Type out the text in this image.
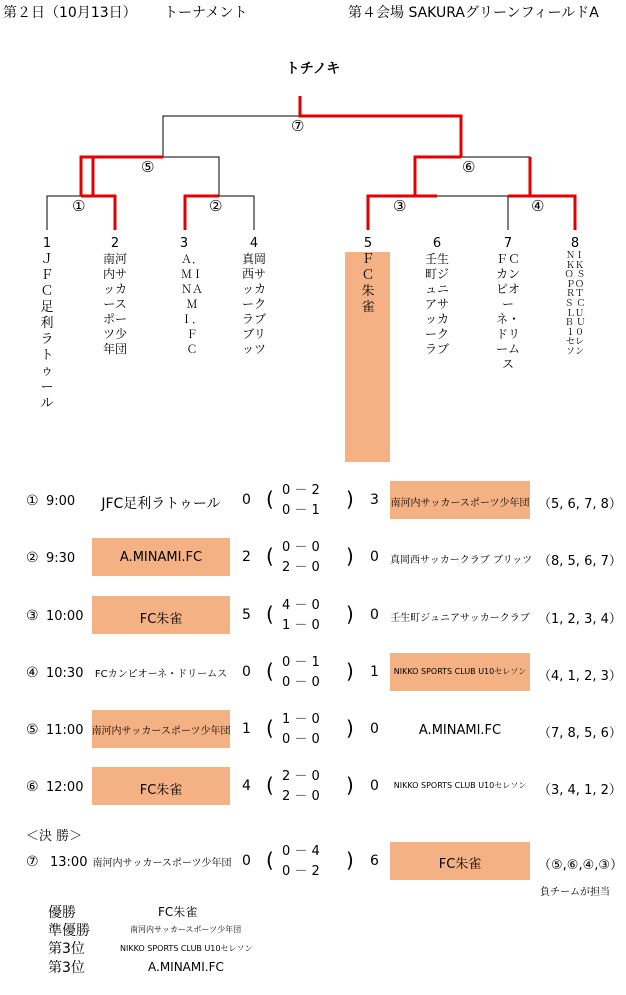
第２日（10月13日） トーナメント	第４会場 SAKURAグリーンフィールドA
トチノキ
⑦
⑤	⑥
①	②	③	④
1
ＪＦＣ足利ラトゥール
2
南河内サッカースポーツ少年団
3
Ａ．ＭＩＮＡＭＩ．Ｆ Ｃ
4
真岡西サッカークラブ ブリッツ
5
ＦＣ朱雀
6
壬生町ジュニアサッカークラブ
7
ＦＣカンピオーネ・ドリームス
8
ＮＩＫＫＯ ＳＰＯＲＴＳ ＣＬＵＢ Ｕ１０セレソン
① 9:00	JFC足利ラトゥール	0 ( 0 － 2
0 － 1 ) 3 南河内サッカースポーツ少年団 （5, 6, 7, 8）
② 9:30	A.MINAMI.FC	2 ( 0 － 0
2 － 0 ) 0 真岡西サッカークラブ ブリッツ （8, 5, 6, 7）
③ 10:00	FC朱雀	5 ( 4 － 0
1 － 0 ) 0 壬生町ジュニアサッカークラブ （1, 2, 3, 4）
④ 10:30	FCカンピオーネ・ドリームス	0 ( 0 － 1
0 － 0 ) 1	NIKKO SPORTS CLUB U10セレソン （4, 1, 2, 3）
⑤ 11:00 南河内サッカースポーツ少年団 1 ( 1 － 0
0 － 0 ) 0	A.MINAMI.FC	（7, 8, 5, 6）
⑥ 12:00	FC朱雀	4 ( 2 － 0
2 － 0 ) 0	NIKKO SPORTS CLUB U10セレソン （3, 4, 1, 2）
＜決 勝＞
⑦ 13:00 南河内サッカースポーツ少年団 0 ( 0 － 4
0 － 2 ) 6	FC朱雀	（⑤,⑥,④,③）
負チームが担当
優勝	FC朱雀
準優勝	南河内サッカースポーツ少年団
第3位	NIKKO SPORTS CLUB U10セレソン
第3位	A.MINAMI.FC
